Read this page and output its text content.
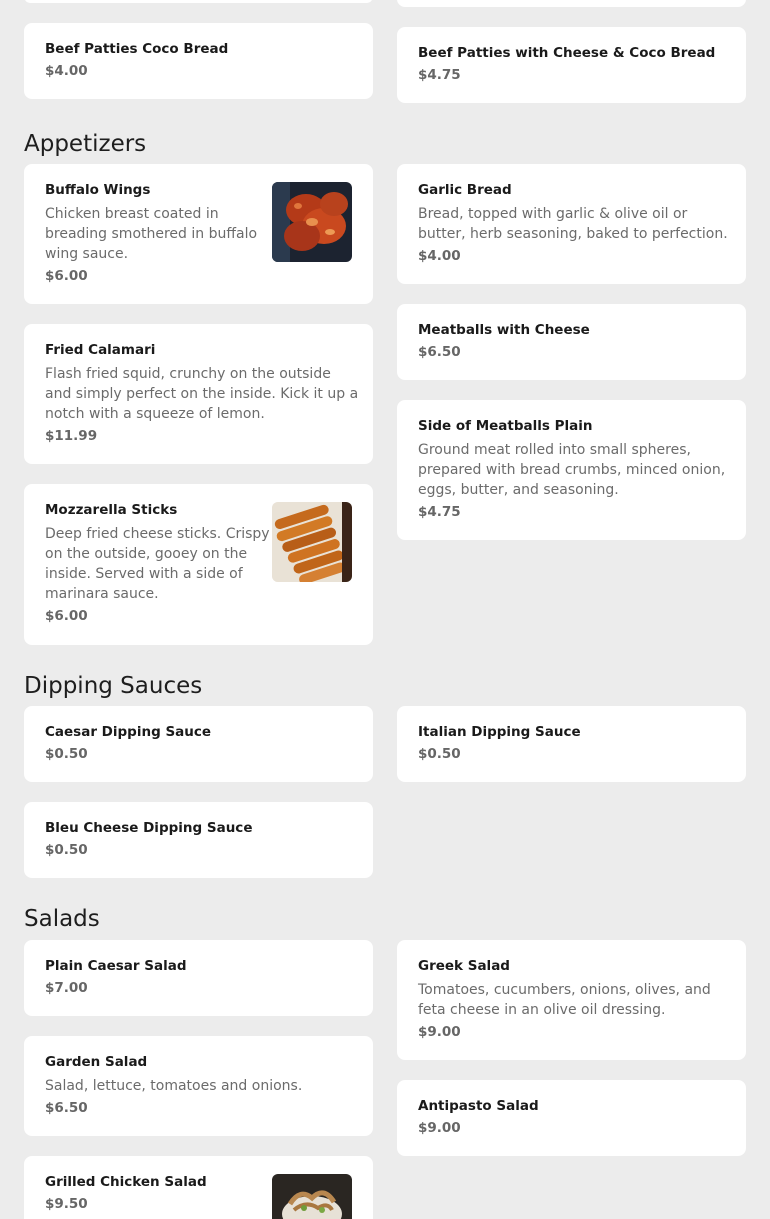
Beef Patties Coco Bread
$4.00
Beef Patties with Cheese & Coco Bread
$4.75
Appetizers
Buffalo Wings
Chicken breast coated in breading smothered in buffalo wing sauce.
$6.00
Garlic Bread
Bread, topped with garlic & olive oil or butter, herb seasoning, baked to perfection.
$4.00
Fried Calamari
Flash fried squid, crunchy on the outside and simply perfect on the inside. Kick it up a notch with a squeeze of lemon.
$11.99
Meatballs with Cheese
$6.50
Side of Meatballs Plain
Ground meat rolled into small spheres, prepared with bread crumbs, minced onion, eggs, butter, and seasoning.
$4.75
Mozzarella Sticks
Deep fried cheese sticks. Crispy on the outside, gooey on the inside. Served with a side of marinara sauce.
$6.00
Dipping Sauces
Caesar Dipping Sauce
$0.50
Italian Dipping Sauce
$0.50
Bleu Cheese Dipping Sauce
$0.50
Salads
Plain Caesar Salad
$7.00
Greek Salad
Tomatoes, cucumbers, onions, olives, and feta cheese in an olive oil dressing.
$9.00
Garden Salad
Salad, lettuce, tomatoes and onions.
$6.50	Antipasto Salad
$9.00
Grilled Chicken Salad
$9.50
